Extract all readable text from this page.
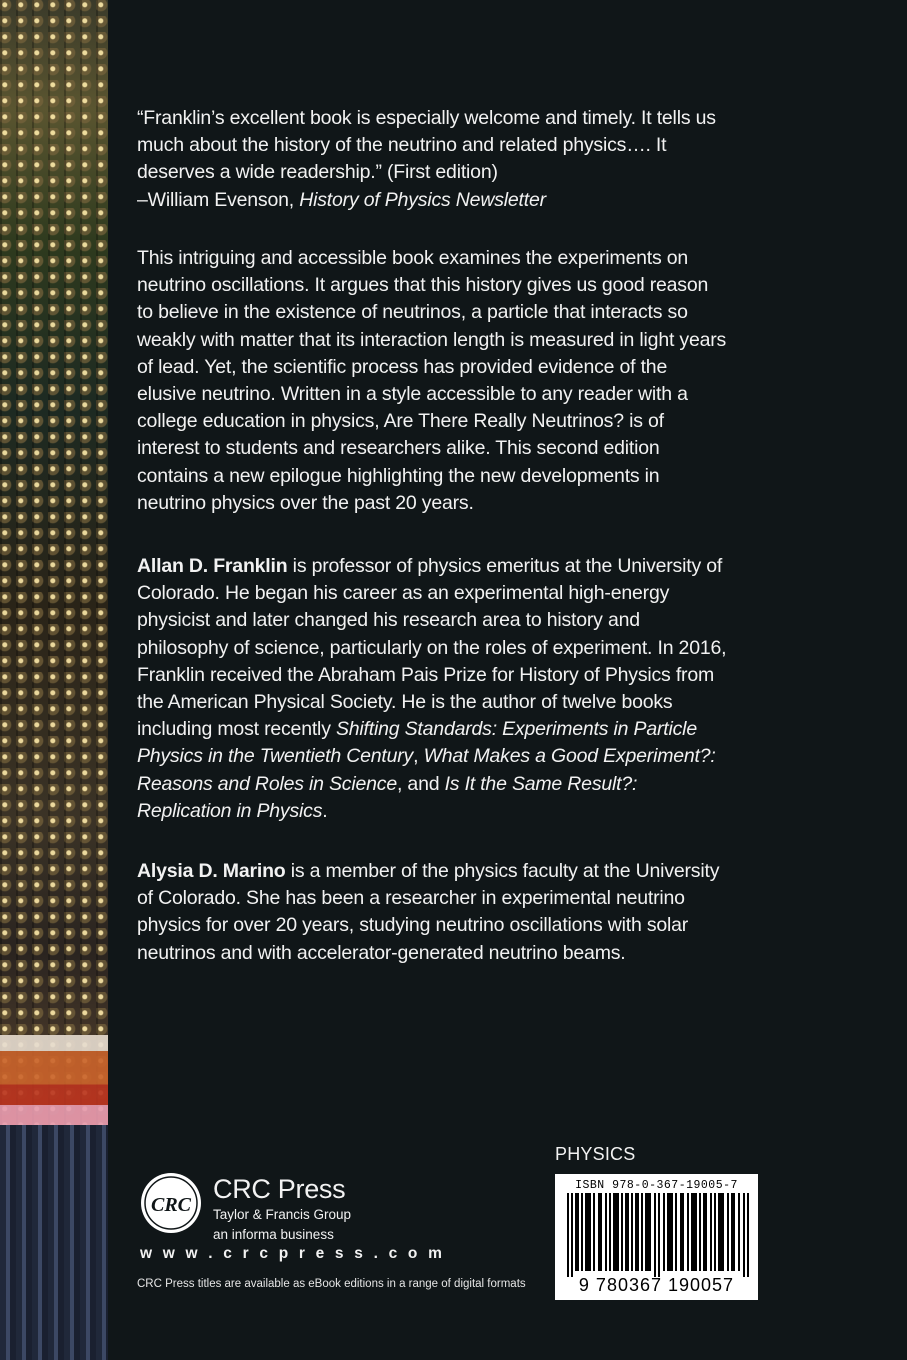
“Franklin’s excellent book is especially welcome and timely. It tells us much about the history of the neutrino and related physics…. It deserves a wide readership.” (First edition)
–William Evenson, History of Physics Newsletter
This intriguing and accessible book examines the experiments on neutrino oscillations. It argues that this history gives us good reason to believe in the existence of neutrinos, a particle that interacts so weakly with matter that its interaction length is measured in light years of lead. Yet, the scientific process has provided evidence of the elusive neutrino. Written in a style accessible to any reader with a college education in physics, Are There Really Neutrinos? is of interest to students and researchers alike. This second edition contains a new epilogue highlighting the new developments in neutrino physics over the past 20 years.
Allan D. Franklin is professor of physics emeritus at the University of Colorado. He began his career as an experimental high-energy physicist and later changed his research area to history and philosophy of science, particularly on the roles of experiment. In 2016, Franklin received the Abraham Pais Prize for History of Physics from the American Physical Society. He is the author of twelve books including most recently Shifting Standards: Experiments in Particle Physics in the Twentieth Century, What Makes a Good Experiment?: Reasons and Roles in Science, and Is It the Same Result?: Replication in Physics.
Alysia D. Marino is a member of the physics faculty at the University of Colorado. She has been a researcher in experimental neutrino physics for over 20 years, studying neutrino oscillations with solar neutrinos and with accelerator-generated neutrino beams.
PHYSICS
ISBN 978-0-367-19005-7
9 780367 190057
CRC
CRC Press
Taylor & Francis Group
an informa business
w w w . c r c p r e s s . c o m
CRC Press titles are available as eBook editions in a range of digital formats
